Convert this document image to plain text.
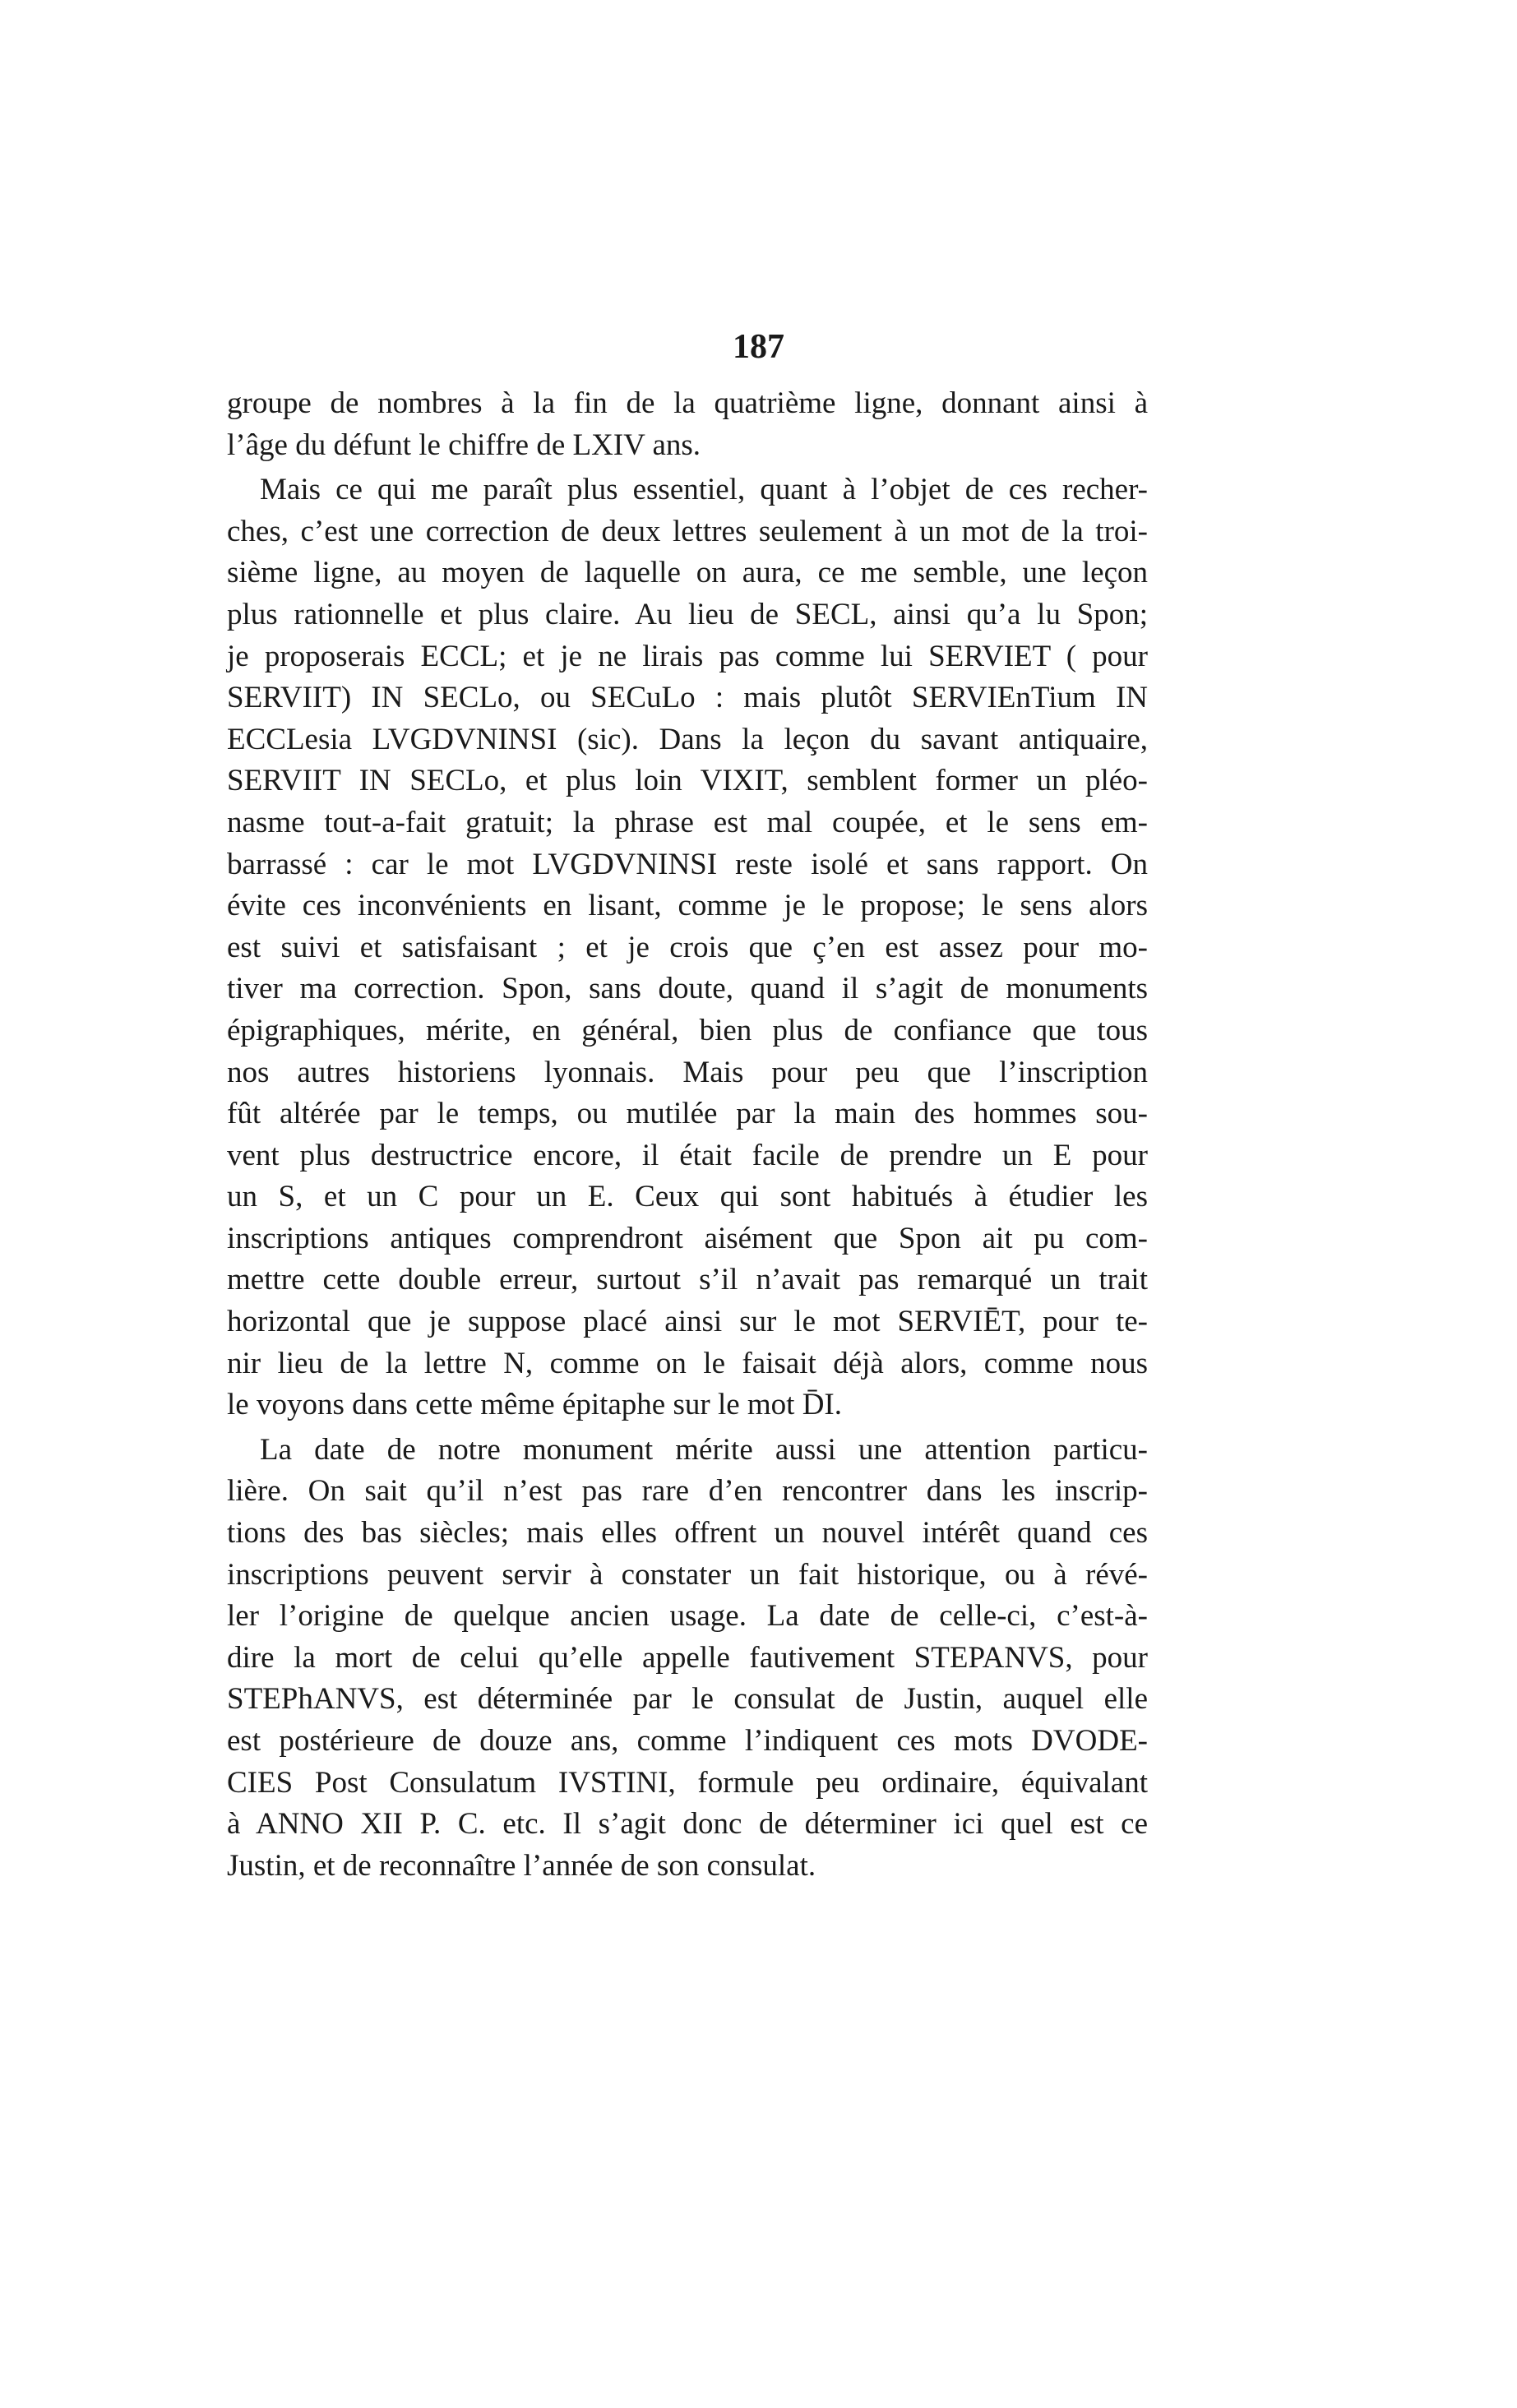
187
groupe de nombres à la fin de la quatrième ligne, donnant ainsi à
l’âge du défunt le chiffre de LXIV ans.
Mais ce qui me paraît plus essentiel, quant à l’objet de ces recher-
ches, c’est une correction de deux lettres seulement à un mot de la troi-
sième ligne, au moyen de laquelle on aura, ce me semble, une leçon
plus rationnelle et plus claire. Au lieu de SECL, ainsi qu’a lu Spon;
je proposerais ECCL; et je ne lirais pas comme lui SERVIET ( pour
SERVIIT) IN SECLo, ou SECuLo : mais plutôt SERVIEnTium IN
ECCLesia LVGDVNINSI (sic). Dans la leçon du savant antiquaire,
SERVIIT IN SECLo, et plus loin VIXIT, semblent former un pléo-
nasme tout-a-fait gratuit; la phrase est mal coupée, et le sens em-
barrassé : car le mot LVGDVNINSI reste isolé et sans rapport. On
évite ces inconvénients en lisant, comme je le propose; le sens alors
est suivi et satisfaisant ; et je crois que ç’en est assez pour mo-
tiver ma correction. Spon, sans doute, quand il s’agit de monuments
épigraphiques, mérite, en général, bien plus de confiance que tous
nos autres historiens lyonnais. Mais pour peu que l’inscription
fût altérée par le temps, ou mutilée par la main des hommes sou-
vent plus destructrice encore, il était facile de prendre un E pour
un S, et un C pour un E. Ceux qui sont habitués à étudier les
inscriptions antiques comprendront aisément que Spon ait pu com-
mettre cette double erreur, surtout s’il n’avait pas remarqué un trait
horizontal que je suppose placé ainsi sur le mot SERVIĒT, pour te-
nir lieu de la lettre N, comme on le faisait déjà alors, comme nous
le voyons dans cette même épitaphe sur le mot D̄I.
La date de notre monument mérite aussi une attention particu-
lière. On sait qu’il n’est pas rare d’en rencontrer dans les inscrip-
tions des bas siècles; mais elles offrent un nouvel intérêt quand ces
inscriptions peuvent servir à constater un fait historique, ou à révé-
ler l’origine de quelque ancien usage. La date de celle-ci, c’est-à-
dire la mort de celui qu’elle appelle fautivement STEPANVS, pour
STEPhANVS, est déterminée par le consulat de Justin, auquel elle
est postérieure de douze ans, comme l’indiquent ces mots DVODE-
CIES Post Consulatum IVSTINI, formule peu ordinaire, équivalant
à ANNO XII P. C. etc. Il s’agit donc de déterminer ici quel est ce
Justin, et de reconnaître l’année de son consulat.
